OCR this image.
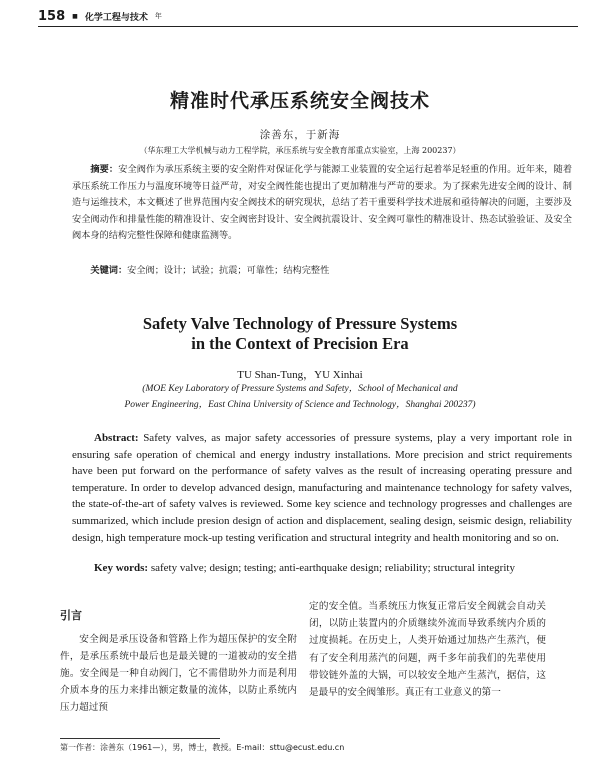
158 ■ 化学工程与技术 年
精准时代承压系统安全阀技术
涂善东，于新海
（华东理工大学机械与动力工程学院，承压系统与安全教育部重点实验室，上海 200237）

摘要：安全阀作为承压系统主要的安全附件对保证化学与能源工业装置的安全运行起着举足轻重的作用。近年来，随着承压系统工作压力与温度环境等日益严苛，对安全阀性能也提出了更加精准与严苛的要求。为了探索先进安全阀的设计、制造与运维技术，本文概述了世界范围内安全阀技术的研究现状，总结了若干重要科学技术进展和亟待解决的问题，主要涉及安全阀动作和排量性能的精准设计、安全阀密封设计、安全阀抗震设计、安全阀可靠性的精准设计、热态试验验证、及安全阀本身的结构完整性保障和健康监测等。

关键词：安全阀；设计；试验；抗震；可靠性；结构完整性

Safety Valve Technology of Pressure Systems
in the Context of Precision Era
TU Shan-Tung，YU Xinhai
(MOE Key Laboratory of Pressure Systems and Safety，School of Mechanical and
Power Engineering，East China University of Science and Technology，Shanghai 200237)

Abstract: Safety valves, as major safety accessories of pressure systems, play a very important role in ensuring safe operation of chemical and energy industry installations. More precision and strict requirements have been put forward on the performance of safety valves as the result of increasing operating pressure and temperature. In order to develop advanced design, manufacturing and maintenance technology for safety valves, the state-of-the-art of safety valves is reviewed. Some key science and technology progresses and challenges are summarized, which include presion design of action and displacement, sealing design, seismic design, reliability design, high temperature mock-up testing verification and structural integrity and health monitoring and so on.

Key words: safety valve; design; testing; anti-earthquake design; reliability; structural integrity

引言

安全阀是承压设备和管路上作为超压保护的安全附件，是承压系统中最后也是最关键的一道被动的安全措施。安全阀是一种自动阀门，它不需借助外力而是利用介质本身的压力来排出额定数量的流体，以防止系统内压力超过预

定的安全值。当系统压力恢复正常后安全阀就会自动关闭，以防止装置内的介质继续外流而导致系统内介质的过度损耗。在历史上，人类开始通过加热产生蒸汽，便有了安全利用蒸汽的问题，两千多年前我们的先辈使用带铰链外盖的大锅，可以较安全地产生蒸汽，据信，这是最早的安全阀雏形。真正有工业意义的第一

第一作者：涂善东（1961—），男，博士，教授。E-mail：sttu@ecust.edu.cn
